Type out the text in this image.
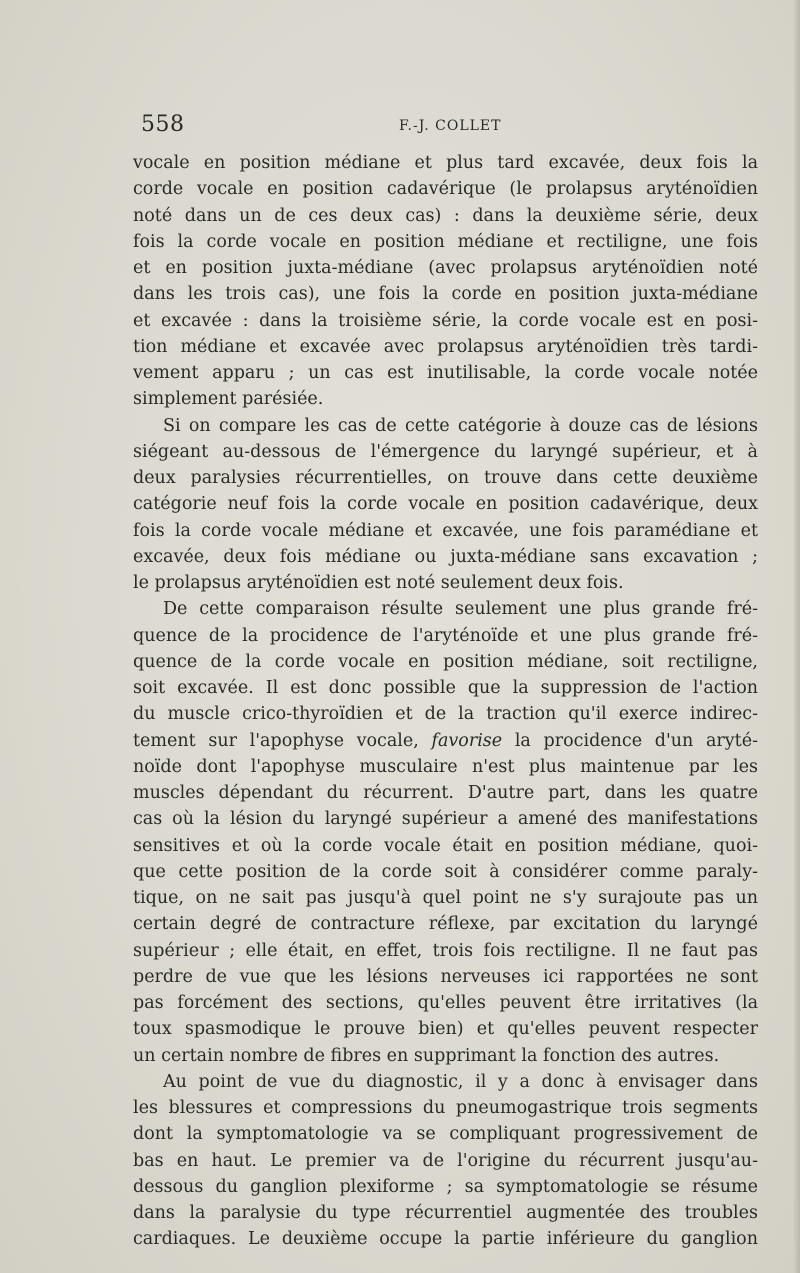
558	F.-J. COLLET
vocale en position médiane et plus tard excavée, deux fois la
corde vocale en position cadavérique (le prolapsus aryténoïdien
noté dans un de ces deux cas) : dans la deuxième série, deux
fois la corde vocale en position médiane et rectiligne, une fois
et en position juxta-médiane (avec prolapsus aryténoïdien noté
dans les trois cas), une fois la corde en position juxta-médiane
et excavée : dans la troisième série, la corde vocale est en posi-
tion médiane et excavée avec prolapsus aryténoïdien très tardi-
vement apparu ; un cas est inutilisable, la corde vocale notée
simplement parésiée.
Si on compare les cas de cette catégorie à douze cas de lésions
siégeant au-dessous de l'émergence du laryngé supérieur, et à
deux paralysies récurrentielles, on trouve dans cette deuxième
catégorie neuf fois la corde vocale en position cadavérique, deux
fois la corde vocale médiane et excavée, une fois paramédiane et
excavée, deux fois médiane ou juxta-médiane sans excavation ;
le prolapsus aryténoïdien est noté seulement deux fois.
De cette comparaison résulte seulement une plus grande fré-
quence de la procidence de l'aryténoïde et une plus grande fré-
quence de la corde vocale en position médiane, soit rectiligne,
soit excavée. Il est donc possible que la suppression de l'action
du muscle crico-thyroïdien et de la traction qu'il exerce indirec-
tement sur l'apophyse vocale, favorise la procidence d'un aryté-
noïde dont l'apophyse musculaire n'est plus maintenue par les
muscles dépendant du récurrent. D'autre part, dans les quatre
cas où la lésion du laryngé supérieur a amené des manifestations
sensitives et où la corde vocale était en position médiane, quoi-
que cette position de la corde soit à considérer comme paraly-
tique, on ne sait pas jusqu'à quel point ne s'y surajoute pas un
certain degré de contracture réflexe, par excitation du laryngé
supérieur ; elle était, en effet, trois fois rectiligne. Il ne faut pas
perdre de vue que les lésions nerveuses ici rapportées ne sont
pas forcément des sections, qu'elles peuvent être irritatives (la
toux spasmodique le prouve bien) et qu'elles peuvent respecter
un certain nombre de fibres en supprimant la fonction des autres.
Au point de vue du diagnostic, il y a donc à envisager dans
les blessures et compressions du pneumogastrique trois segments
dont la symptomatologie va se compliquant progressivement de
bas en haut. Le premier va de l'origine du récurrent jusqu'au-
dessous du ganglion plexiforme ; sa symptomatologie se résume
dans la paralysie du type récurrentiel augmentée des troubles
cardiaques. Le deuxième occupe la partie inférieure du ganglion
